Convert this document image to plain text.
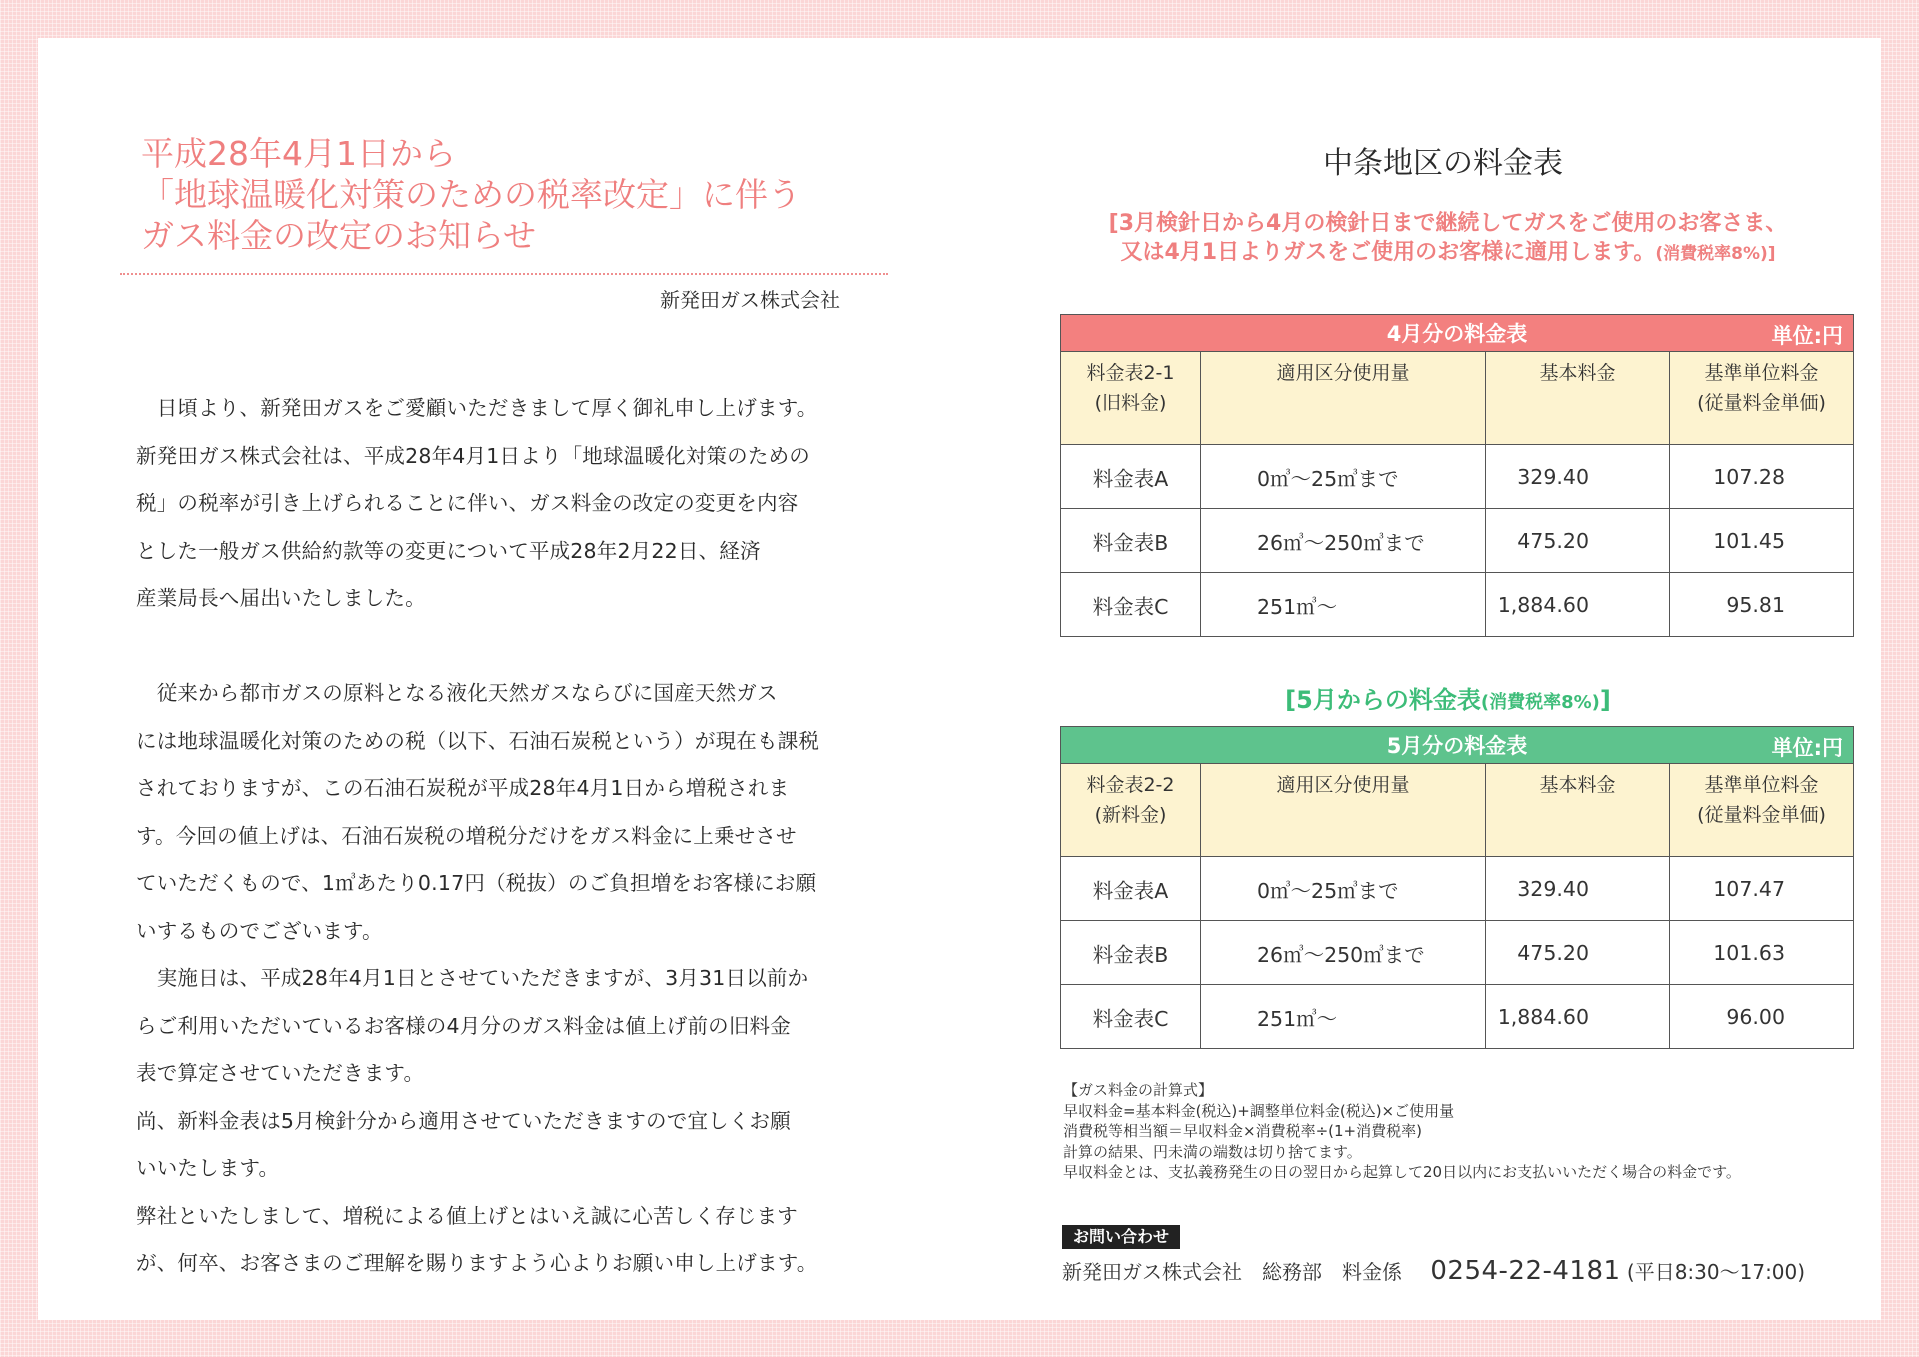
平成28年4月1日から
「地球温暖化対策のための税率改定」に伴う
ガス料金の改定のお知らせ
新発田ガス株式会社
　日頃より、新発田ガスをご愛顧いただきまして厚く御礼申し上げます。
新発田ガス株式会社は、平成28年4月1日より「地球温暖化対策のための
税」の税率が引き上げられることに伴い、ガス料金の改定の変更を内容
とした一般ガス供給約款等の変更について平成28年2月22日、経済
産業局長へ届出いたしました。
　従来から都市ガスの原料となる液化天然ガスならびに国産天然ガス
には地球温暖化対策のための税（以下、石油石炭税という）が現在も課税
されておりますが、この石油石炭税が平成28年4月1日から増税されま
す。今回の値上げは、石油石炭税の増税分だけをガス料金に上乗せさせ
ていただくもので、1㎥あたり0.17円（税抜）のご負担増をお客様にお願
いするものでございます。
　実施日は、平成28年4月1日とさせていただきますが、3月31日以前か
らご利用いただいているお客様の4月分のガス料金は値上げ前の旧料金
表で算定させていただきます。
尚、新料金表は5月検針分から適用させていただきますので宜しくお願
いいたします。
弊社といたしまして、増税による値上げとはいえ誠に心苦しく存じます
が、何卒、お客さまのご理解を賜りますよう心よりお願い申し上げます。
中条地区の料金表
[3月検針日から4月の検針日まで継続してガスをご使用のお客さま、
又は4月1日よりガスをご使用のお客様に適用します。(消費税率8%)]
4月分の料金表 単位:円			

料金表2-1
(旧料金)	適用区分使用量	基本料金	基準単位料金
(従量料金単価)

料金表A	0㎥〜25㎥まで	329.40	107.28
料金表B	26㎥〜250㎥まで	475.20	101.45
料金表C	251㎥〜	1,884.60	95.81
[5月からの料金表(消費税率8%)]
5月分の料金表 単位:円			

料金表2-2
(新料金)	適用区分使用量	基本料金	基準単位料金
(従量料金単価)

料金表A	0㎥〜25㎥まで	329.40	107.47
料金表B	26㎥〜250㎥まで	475.20	101.63
料金表C	251㎥〜	1,884.60	96.00
【ガス料金の計算式】
早収料金=基本料金(税込)+調整単位料金(税込)×ご使用量
消費税等相当額＝早収料金×消費税率÷(1+消費税率)
計算の結果、円未満の端数は切り捨てます。
早収料金とは、支払義務発生の日の翌日から起算して20日以内にお支払いいただく場合の料金です。
お問い合わせ
新発田ガス株式会社　総務部　料金係 0254-22-4181 (平日8:30〜17:00)
